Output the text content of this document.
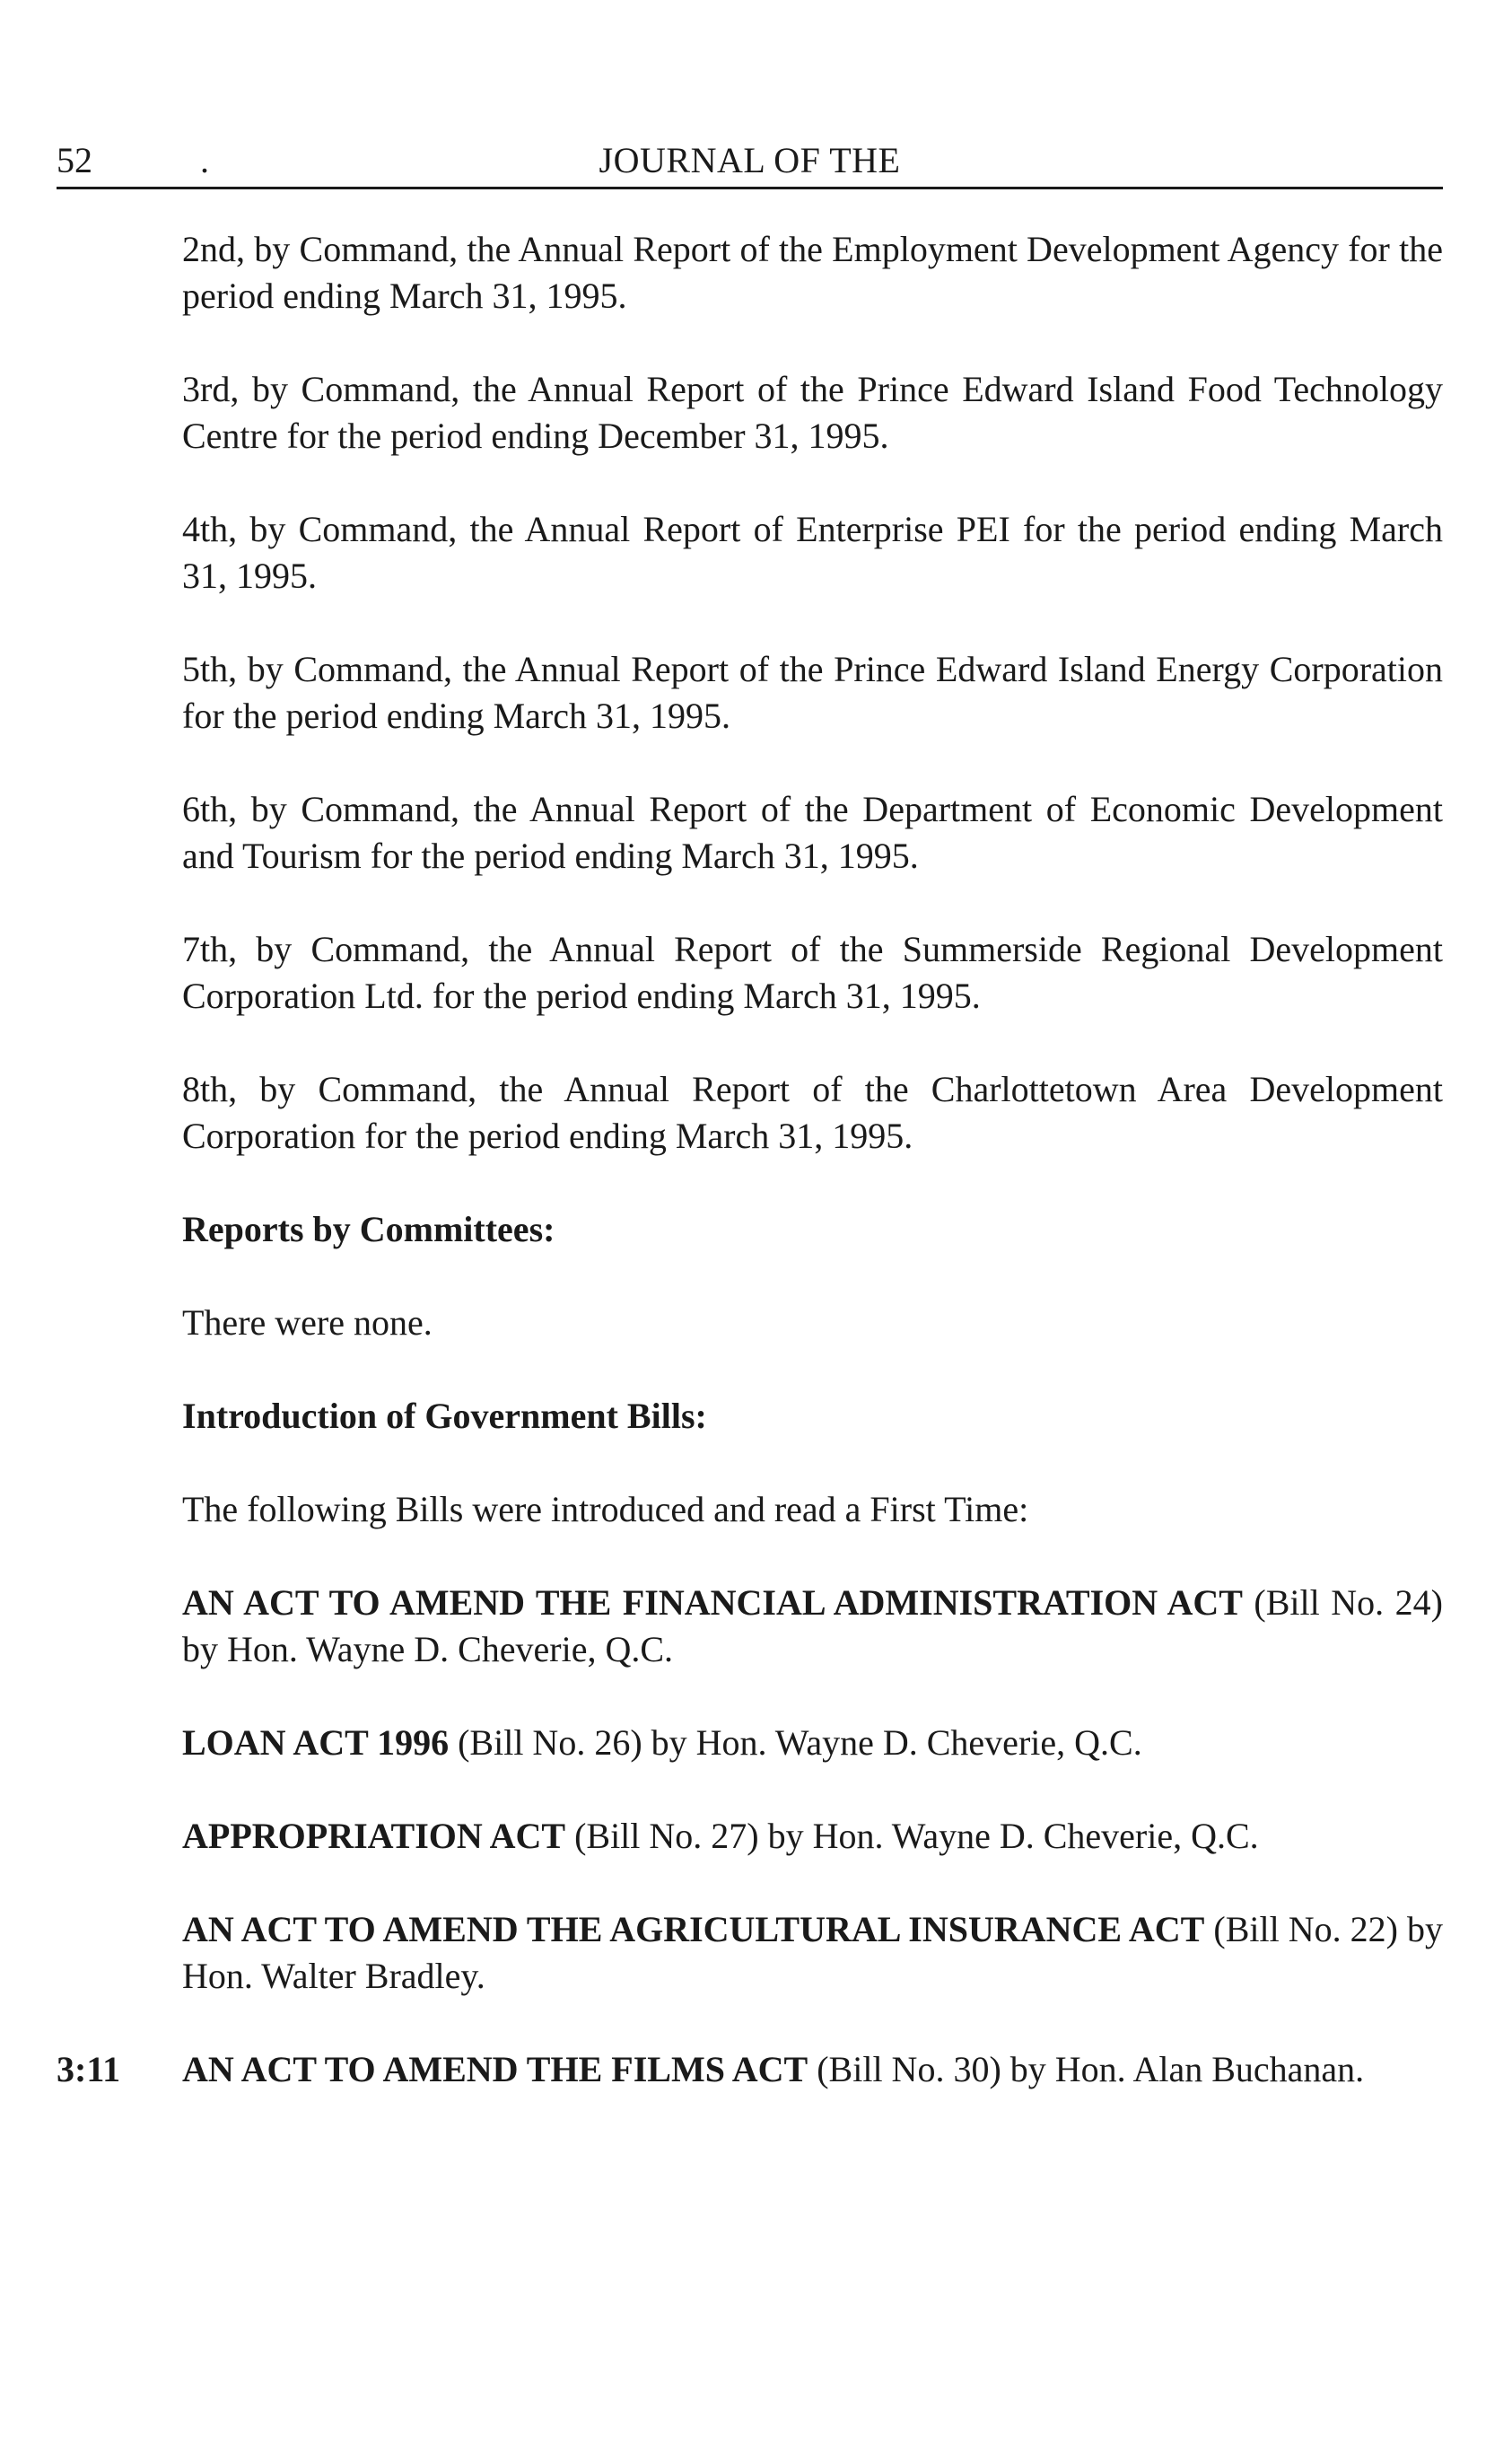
52	.	JOURNAL OF THE

2nd, by Command, the Annual Report of the Employment Development Agency for the period ending March 31, 1995.

3rd, by Command, the Annual Report of the Prince Edward Island Food Technology Centre for the period ending December 31, 1995.

4th, by Command, the Annual Report of Enterprise PEI for the period ending March 31, 1995.

5th, by Command, the Annual Report of the Prince Edward Island Energy Corporation for the period ending March 31, 1995.

6th, by Command, the Annual Report of the Department of Economic Development and Tourism for the period ending March 31, 1995.

7th, by Command, the Annual Report of the Summerside Regional Development Corporation Ltd. for the period ending March 31, 1995.

8th, by Command, the Annual Report of the Charlottetown Area Development Corporation for the period ending March 31, 1995.

Reports by Committees:

There were none.

Introduction of Government Bills:

The following Bills were introduced and read a First Time:

AN ACT TO AMEND THE FINANCIAL ADMINISTRATION ACT (Bill No. 24) by Hon. Wayne D. Cheverie, Q.C.

LOAN ACT 1996 (Bill No. 26) by Hon. Wayne D. Cheverie, Q.C.

APPROPRIATION ACT (Bill No. 27) by Hon. Wayne D. Cheverie, Q.C.

AN ACT TO AMEND THE AGRICULTURAL INSURANCE ACT (Bill No. 22) by Hon. Walter Bradley.

3:11 AN ACT TO AMEND THE FILMS ACT (Bill No. 30) by Hon. Alan Buchanan.
